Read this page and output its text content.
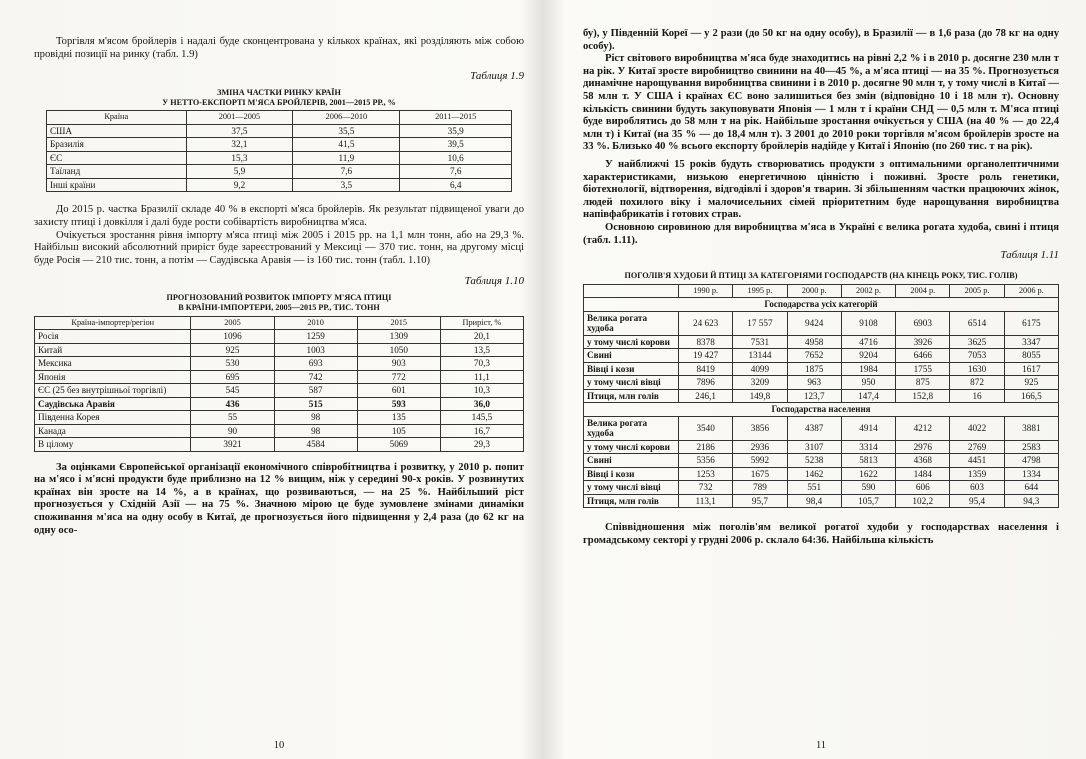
Торгівля м'ясом бройлерів і надалі буде сконцентрована у кількох країнах, які розділяють між собою провідні позиції на ринку (табл. 1.9)

Таблиця 1.9
ЗМІНА ЧАСТКИ РИНКУ КРАЇН
У НЕТТО-ЕКСПОРТІ М'ЯСА БРОЙЛЕРІВ, 2001—2015 РР., %
Країна	2001—2005	2006—2010	2011—2015
США	37,5	35,5	35,9
Бразилія	32,1	41,5	39,5
ЄС	15,3	11,9	10,6
Таїланд	5,9	7,6	7,6
Інші країни	9,2	3,5	6,4

До 2015 р. частка Бразилії складе 40 % в експорті м'яса бройлерів. Як результат підвищеної уваги до захисту птиці і довкілля і далі буде рости собівартість виробництва м'яса.

Очікується зростання рівня імпорту м'яса птиці між 2005 і 2015 рр. на 1,1 млн тонн, або на 29,3 %. Найбільш високий абсолютний приріст буде зареєстрований у Мексиці — 370 тис. тонн, на другому місці буде Росія — 210 тис. тонн, а потім — Саудівська Аравія — із 160 тис. тонн (табл. 1.10)

Таблиця 1.10
ПРОГНОЗОВАНИЙ РОЗВИТОК ІМПОРТУ М'ЯСА ПТИЦІ
В КРАЇНИ-ІМПОРТЕРИ, 2005—2015 РР., ТИС. ТОНН
Країна-імпортер/регіон	2005	2010	2015	Приріст, %
Росія	1096	1259	1309	20,1
Китай	925	1003	1050	13,5
Мексика	530	693	903	70,3
Японія	695	742	772	11,1
ЄС (25 без внутрішньої торгівлі)	545	587	601	10,3
Саудівська Аравія	436	515	593	36,0
Південна Корея	55	98	135	145,5
Канада	90	98	105	16,7
В цілому	3921	4584	5069	29,3

За оцінками Європейської організації економічного співробітництва і розвитку, у 2010 р. попит на м'ясо і м'ясні продукти буде приблизно на 12 % вищим, ніж у середині 90-х років. У розвинутих країнах він зросте на 14 %, а в країнах, що розвиваються, — на 25 %. Найбільший ріст прогнозується у Східній Азії — на 75 %. Значною мірою це буде зумовлене змінами динаміки споживання м'яса на одну особу в Китаї, де прогнозується його підвищення у 2,4 раза (до 62 кг на одну осо-

10

бу), у Південній Кореї — у 2 рази (до 50 кг на одну особу), в Бразилії — в 1,6 раза (до 78 кг на одну особу).

Ріст світового виробництва м'яса буде знаходитись на рівні 2,2 % і в 2010 р. досягне 230 млн т на рік. У Китаї зросте виробництво свинини на 40—45 %, а м'яса птиці — на 35 %. Прогнозується динамічне нарощування виробництва свинини і в 2010 р. досягне 90 млн т, у тому числі в Китаї — 58 млн т. У США і країнах ЄС воно залишиться без змін (відповідно 10 і 18 млн т). Основну кількість свинини будуть закуповувати Японія — 1 млн т і країни СНД — 0,5 млн т. М'яса птиці буде вироблятись до 58 млн т на рік. Найбільше зростання очікується у США (на 40 % — до 22,4 млн т) і Китаї (на 35 % — до 18,4 млн т). З 2001 до 2010 роки торгівля м'ясом бройлерів зросте на 33 %. Близько 40 % всього експорту бройлерів надійде у Китаї і Японію (по 260 тис. т на рік).

У найближчі 15 років будуть створюватись продукти з оптимальними органолептичними характеристиками, низькою енергетичною цінністю і поживні. Зросте роль генетики, біотехнології, відтворення, відгодівлі і здоров'я тварин. Зі збільшенням частки працюючих жінок, людей похилого віку і малочисельних сімей пріоритетним буде нарощування виробництва напівфабрикатів і готових страв.

Основною сировиною для виробництва м'яса в Україні є велика рогата худоба, свині і птиця (табл. 1.11).

Таблиця 1.11
ПОГОЛІВ'Я ХУДОБИ Й ПТИЦІ ЗА КАТЕГОРІЯМИ ГОСПОДАРСТВ (НА КІНЕЦЬ РОКУ, ТИС. ГОЛІВ)
	1990 р.	1995 р.	2000 р.	2002 р.	2004 р.	2005 р.	2006 р.
Господарства усіх категорій							
Велика рогата худоба	24 623	17 557	9424	9108	6903	6514	6175
у тому числі корови	8378	7531	4958	4716	3926	3625	3347
Свині	19 427	13144	7652	9204	6466	7053	8055
Вівці і кози	8419	4099	1875	1984	1755	1630	1617
у тому числі вівці	7896	3209	963	950	875	872	925
Птиця, млн голів	246,1	149,8	123,7	147,4	152,8	16	166,5
Господарства населення							
Велика рогата худоба	3540	3856	4387	4914	4212	4022	3881
у тому числі корови	2186	2936	3107	3314	2976	2769	2583
Свині	5356	5992	5238	5813	4368	4451	4798
Вівці і кози	1253	1675	1462	1622	1484	1359	1334
у тому числі вівці	732	789	551	590	606	603	644
Птиця, млн голів	113,1	95,7	98,4	105,7	102,2	95,4	94,3

Співвідношення між поголів'ям великої рогатої худоби у господарствах населення і громадському секторі у грудні 2006 р. склало 64:36. Найбільша кількість

11
